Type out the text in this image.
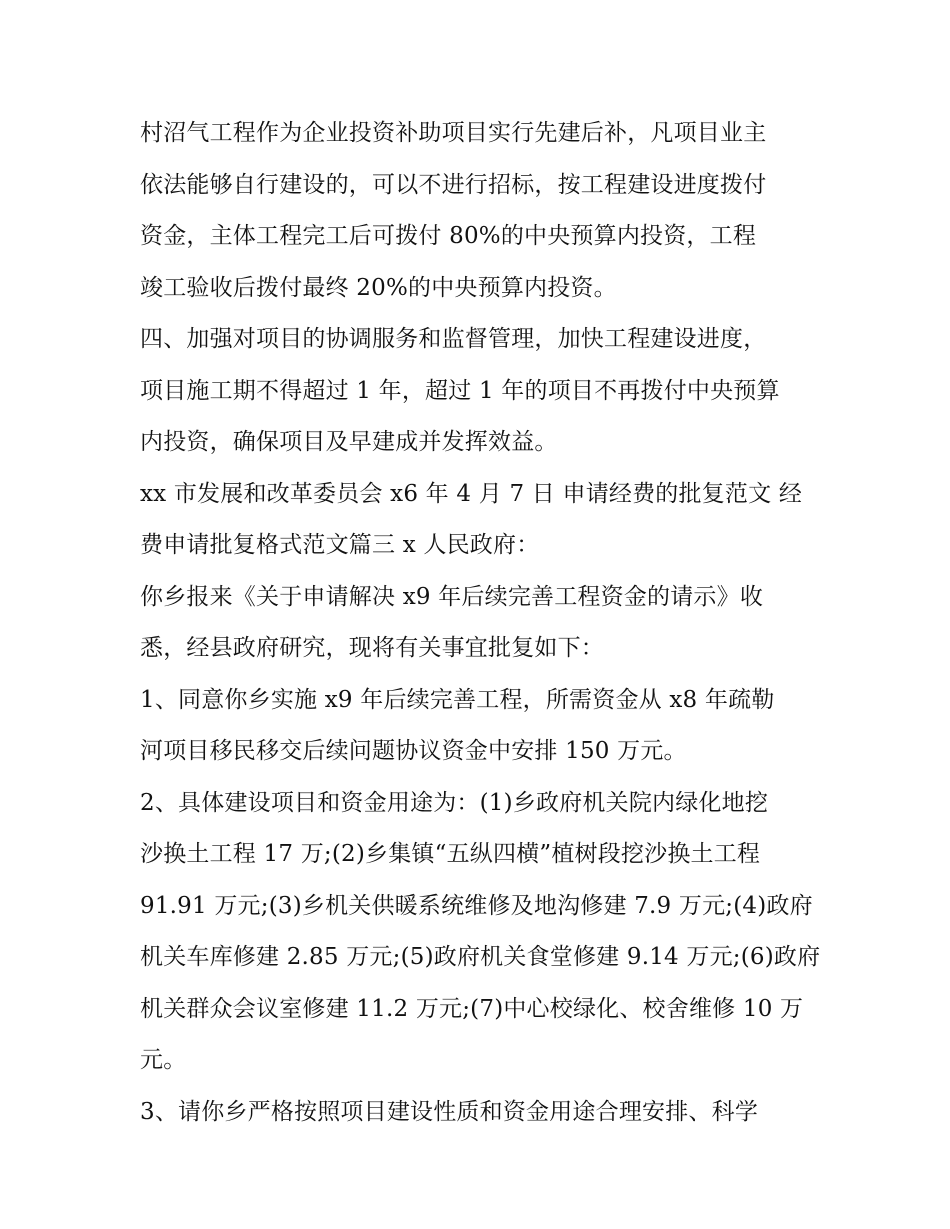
村沼气工程作为企业投资补助项目实行先建后补，凡项目业主
依法能够自行建设的，可以不进行招标，按工程建设进度拨付
资金，主体工程完工后可拨付 80%的中央预算内投资，工程
竣工验收后拨付最终 20%的中央预算内投资。
四、加强对项目的协调服务和监督管理，加快工程建设进度，
项目施工期不得超过 1 年，超过 1 年的项目不再拨付中央预算
内投资，确保项目及早建成并发挥效益。
xx 市发展和改革委员会 x6 年 4 月 7 日 申请经费的批复范文 经
费申请批复格式范文篇三 x 人民政府：
你乡报来《关于申请解决 x9 年后续完善工程资金的请示》收
悉，经县政府研究，现将有关事宜批复如下：
1、同意你乡实施 x9 年后续完善工程，所需资金从 x8 年疏勒
河项目移民移交后续问题协议资金中安排 150 万元。
2、具体建设项目和资金用途为：(1)乡政府机关院内绿化地挖
沙换土工程 17 万;(2)乡集镇“五纵四横”植树段挖沙换土工程
91.91 万元;(3)乡机关供暖系统维修及地沟修建 7.9 万元;(4)政府
机关车库修建 2.85 万元;(5)政府机关食堂修建 9.14 万元;(6)政府
机关群众会议室修建 11.2 万元;(7)中心校绿化、校舍维修 10 万
元。
3、请你乡严格按照项目建设性质和资金用途合理安排、科学
